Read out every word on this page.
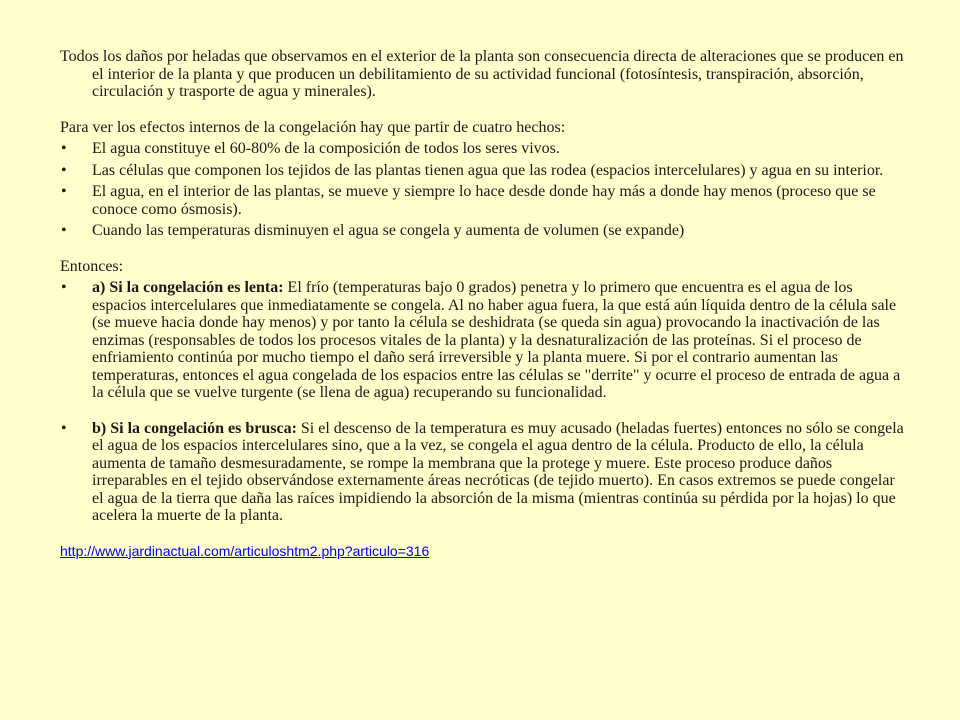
Todos los daños por heladas que observamos en el exterior de la planta son consecuencia directa de alteraciones que se producen en el interior de la planta y que producen un debilitamiento de su actividad funcional (fotosíntesis, transpiración, absorción, circulación y trasporte de agua y minerales).

Para ver los efectos internos de la congelación hay que partir de cuatro hechos:

• El agua constituye el 60-80% de la composición de todos los seres vivos.
• Las células que componen los tejidos de las plantas tienen agua que las rodea (espacios intercelulares) y agua en su interior.
• El agua, en el interior de las plantas, se mueve y siempre lo hace desde donde hay más a donde hay menos (proceso que se conoce como ósmosis).
• Cuando las temperaturas disminuyen el agua se congela y aumenta de volumen (se expande)

Entonces:

• a) Si la congelación es lenta: El frío (temperaturas bajo 0 grados) penetra y lo primero que encuentra es el agua de los espacios intercelulares que inmediatamente se congela. Al no haber agua fuera, la que está aún líquida dentro de la célula sale (se mueve hacia donde hay menos) y por tanto la célula se deshidrata (se queda sin agua) provocando la inactivación de las enzimas (responsables de todos los procesos vitales de la planta) y la desnaturalización de las proteínas. Si el proceso de enfriamiento continúa por mucho tiempo el daño será irreversible y la planta muere. Si por el contrario aumentan las temperaturas, entonces el agua congelada de los espacios entre las células se "derrite" y ocurre el proceso de entrada de agua a la célula que se vuelve turgente (se llena de agua) recuperando su funcionalidad.
• b) Si la congelación es brusca: Si el descenso de la temperatura es muy acusado (heladas fuertes) entonces no sólo se congela el agua de los espacios intercelulares sino, que a la vez, se congela el agua dentro de la célula. Producto de ello, la célula aumenta de tamaño desmesuradamente, se rompe la membrana que la protege y muere. Este proceso produce daños irreparables en el tejido observándose externamente áreas necróticas (de tejido muerto). En casos extremos se puede congelar el agua de la tierra que daña las raíces impidiendo la absorción de la misma (mientras continúa su pérdida por la hojas) lo que acelera la muerte de la planta.
http://www.jardinactual.com/articuloshtm2.php?articulo=316
